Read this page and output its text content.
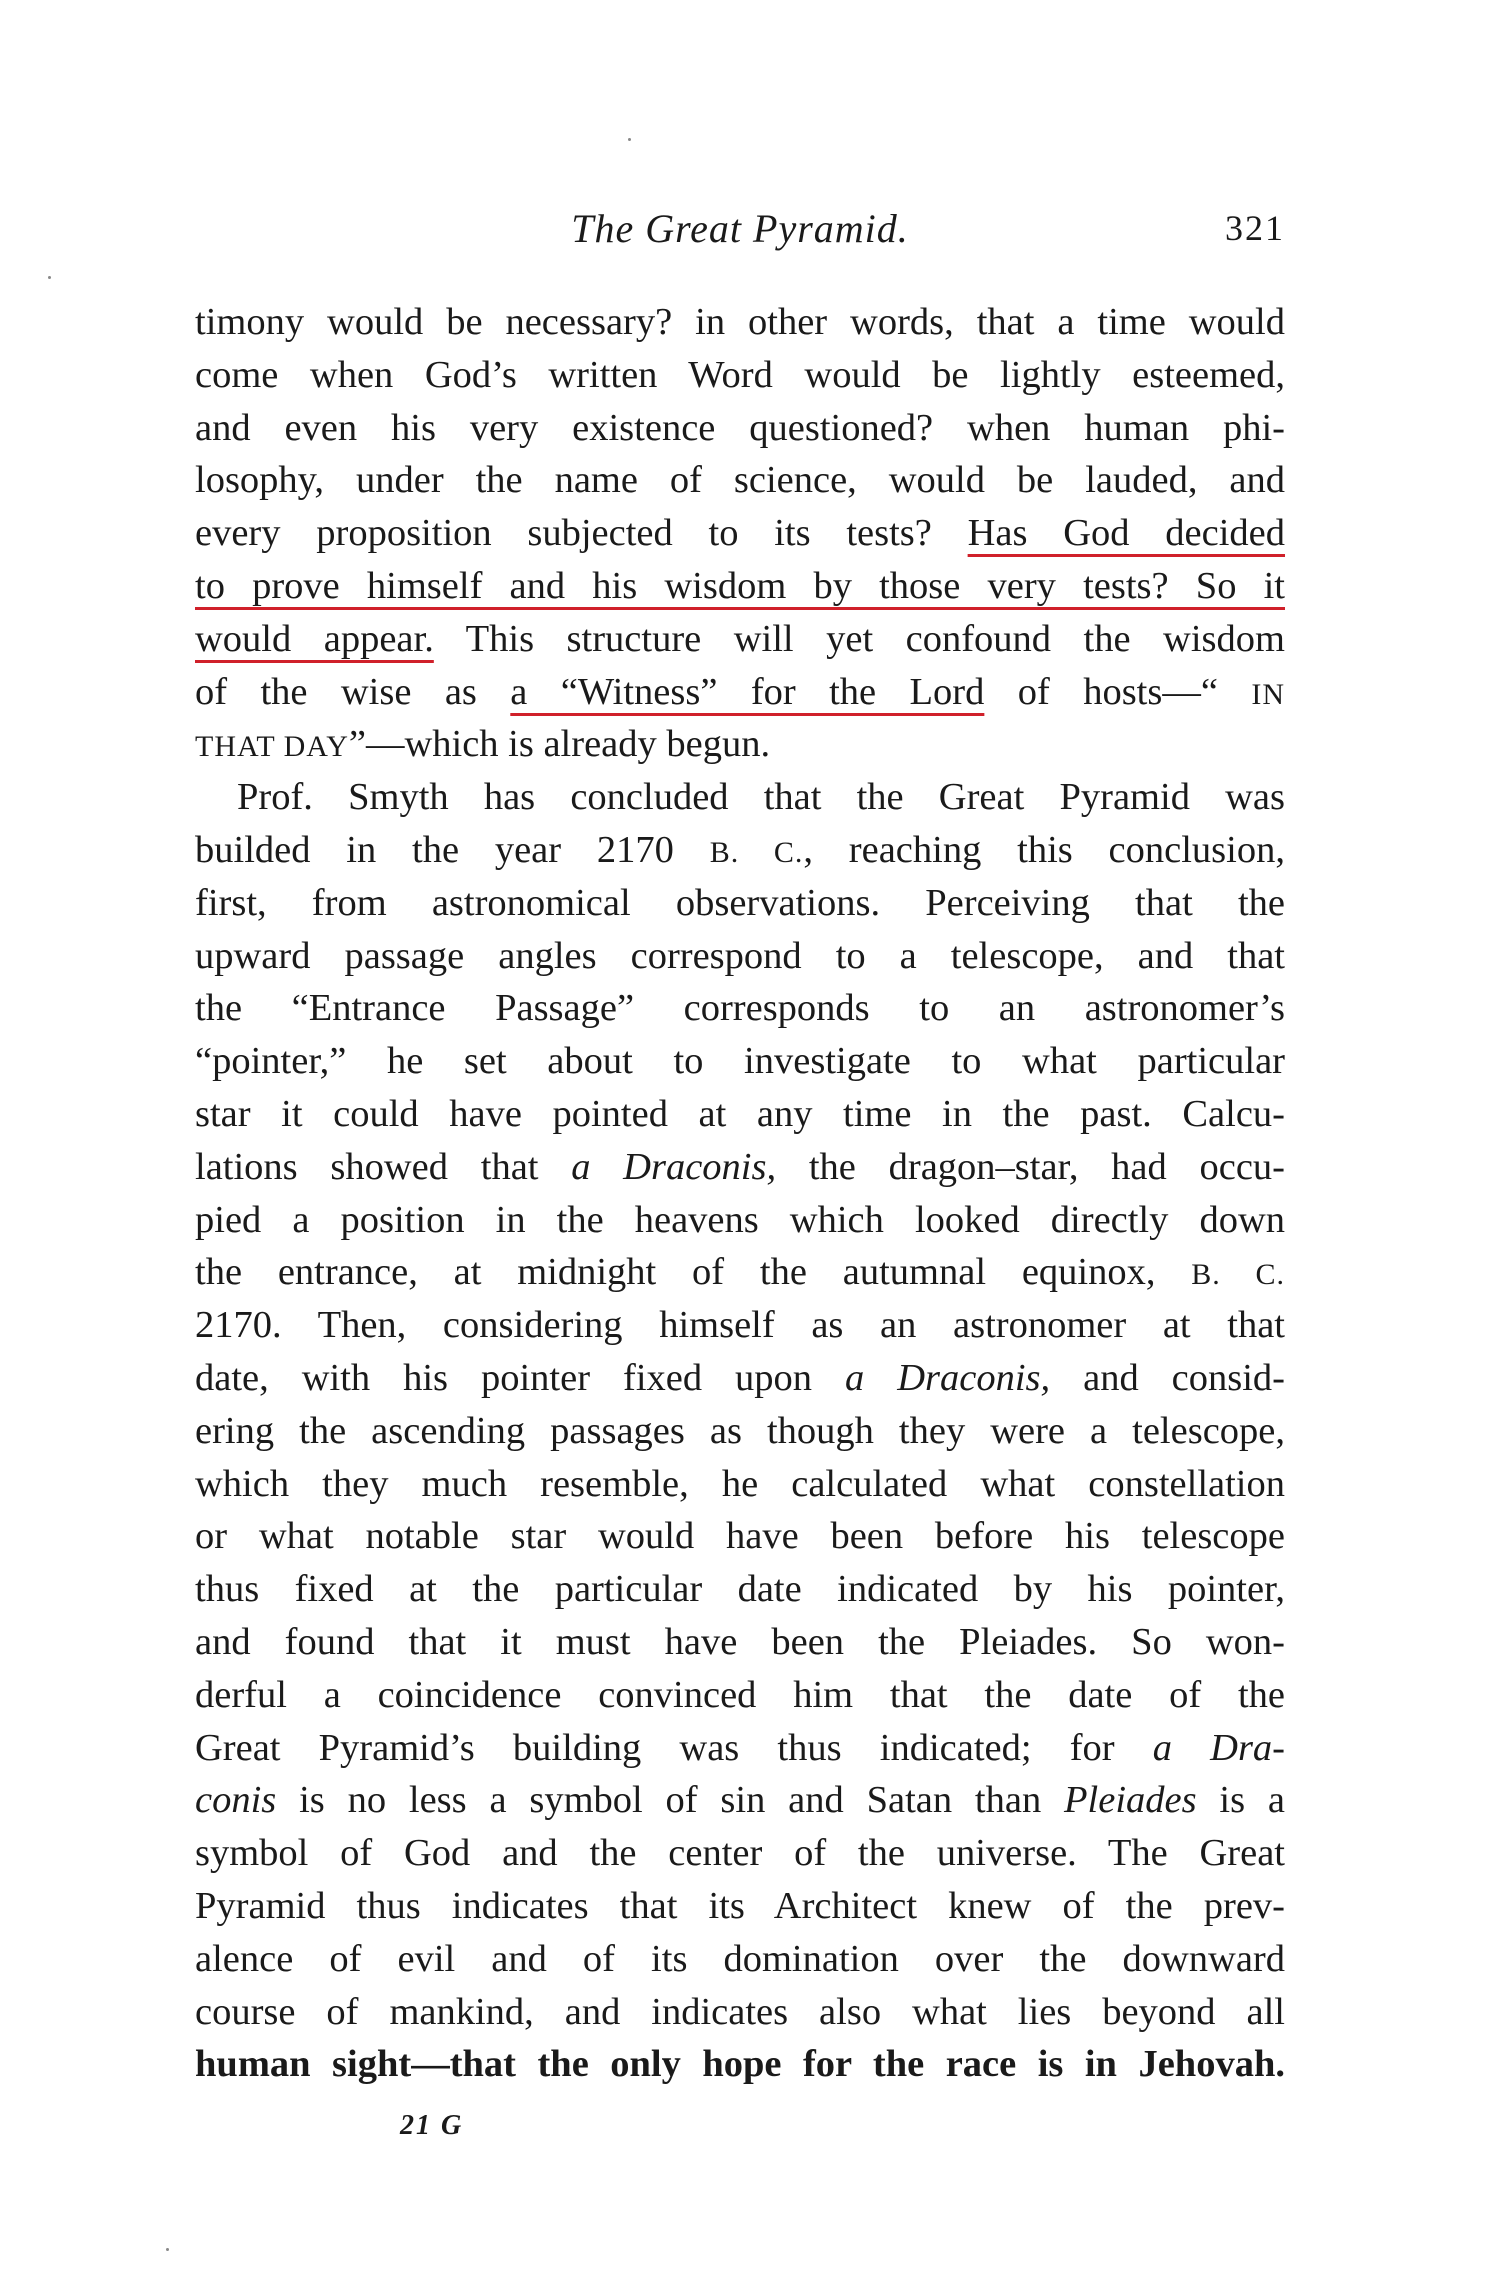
The Great Pyramid.	321
timony would be necessary? in other words, that a time would
come when God’s written Word would be lightly esteemed,
and even his very existence questioned? when human phi-
losophy, under the name of science, would be lauded, and
every proposition subjected to its tests? Has God decided
to prove himself and his wisdom by those very tests? So it
would appear. This structure will yet confound the wisdom
of the wise as a “Witness” for the Lord of hosts—“ IN
THAT DAY”—which is already begun.
Prof. Smyth has concluded that the Great Pyramid was
builded in the year 2170 B. C., reaching this conclusion,
first, from astronomical observations. Perceiving that the
upward passage angles correspond to a telescope, and that
the “Entrance Passage” corresponds to an astronomer’s
“pointer,” he set about to investigate to what particular
star it could have pointed at any time in the past. Calcu-
lations showed that a Draconis, the dragon–star, had occu-
pied a position in the heavens which looked directly down
the entrance, at midnight of the autumnal equinox, B. C.
2170. Then, considering himself as an astronomer at that
date, with his pointer fixed upon a Draconis, and consid-
ering the ascending passages as though they were a telescope,
which they much resemble, he calculated what constellation
or what notable star would have been before his telescope
thus fixed at the particular date indicated by his pointer,
and found that it must have been the Pleiades. So won-
derful a coincidence convinced him that the date of the
Great Pyramid’s building was thus indicated; for a Dra-
conis is no less a symbol of sin and Satan than Pleiades is a
symbol of God and the center of the universe. The Great
Pyramid thus indicates that its Architect knew of the prev-
alence of evil and of its domination over the downward
course of mankind, and indicates also what lies beyond all
human sight—that the only hope for the race is in Jehovah.
21 G
